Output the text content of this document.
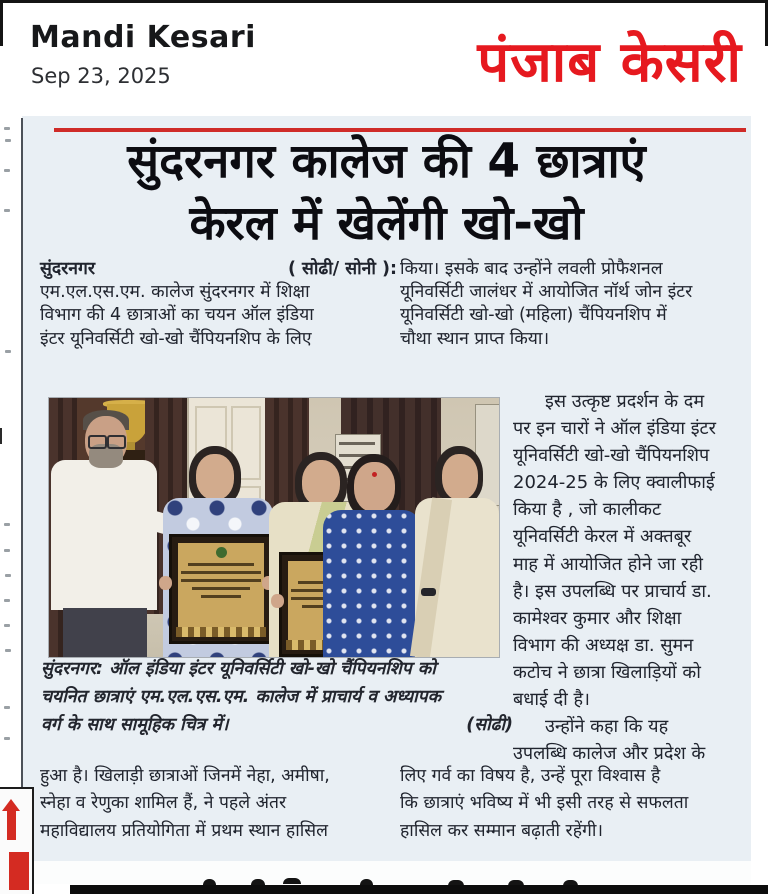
Mandi Kesari
Sep 23, 2025	पंजाब केसरी
सुंदरनगर कालेज की 4 छात्राएं
केरल में खेलेंगी खो-खो
सुंदरनगर	( सोढी/ सोनी ):
एम.एल.एस.एम. कालेज सुंदरनगर में शिक्षा
विभाग की 4 छात्राओं का चयन ऑल इंडिया
इंटर यूनिवर्सिटी खो-खो चैंपियनशिप के लिए
किया। इसके बाद उन्होंने लवली प्रोफैशनल
यूनिवर्सिटी जालंधर में आयोजित नॉर्थ जोन इंटर
यूनिवर्सिटी खो-खो (महिला) चैंपियनशिप में
चौथा स्थान प्राप्त किया।
इस उत्कृष्ट प्रदर्शन के दम
पर इन चारों ने ऑल इंडिया इंटर
यूनिवर्सिटी खो-खो चैंपियनशिप
2024-25 के लिए क्वालीफाई
किया है , जो कालीकट
यूनिवर्सिटी केरल में अक्तबूर
माह में आयोजित होने जा रही
है। इस उपलब्धि पर प्राचार्य डा.
कामेश्वर कुमार और शिक्षा
विभाग की अध्यक्ष डा. सुमन
कटोच ने छात्रा खिलाड़ियों को
बधाई दी है।
उन्होंने कहा कि यह
उपलब्धि कालेज और प्रदेश के
सुंदरनगर: ऑल इंडिया इंटर यूनिवर्सिटी खो-खो चैंपियनशिप को
चयनित छात्राएं एम.एल.एस.एम. कालेज में प्राचार्य व अध्यापक
वर्ग के साथ सामूहिक चित्र में।	(सोढी)
हुआ है। खिलाड़ी छात्राओं जिनमें नेहा, अमीषा,
स्नेहा व रेणुका शामिल हैं, ने पहले अंतर
महाविद्यालय प्रतियोगिता में प्रथम स्थान हासिल
लिए गर्व का विषय है, उन्हें पूरा विश्वास है
कि छात्राएं भविष्य में भी इसी तरह से सफलता
हासिल कर सम्मान बढ़ाती रहेंगी।
